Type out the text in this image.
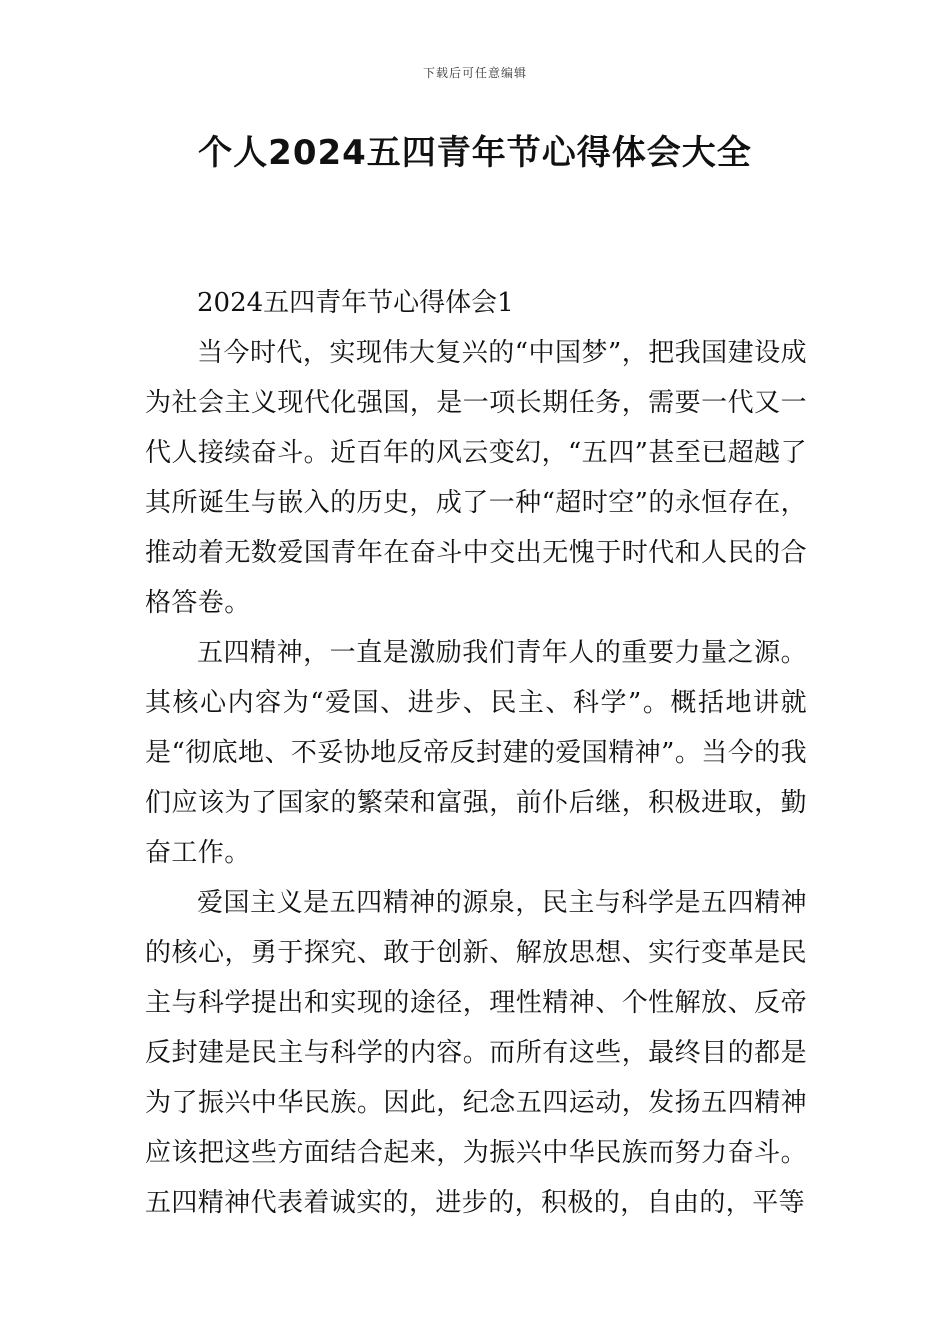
下载后可任意编辑
个人2024五四青年节心得体会大全
2024五四青年节心得体会1

当今时代，实现伟大复兴的“中国梦”，把我国建设成为社会主义现代化强国，是一项长期任务，需要一代又一代人接续奋斗。近百年的风云变幻，“五四”甚至已超越了其所诞生与嵌入的历史，成了一种“超时空”的永恒存在，推动着无数爱国青年在奋斗中交出无愧于时代和人民的合格答卷。

五四精神，一直是激励我们青年人的重要力量之源。其核心内容为“爱国、进步、民主、科学”。概括地讲就是“彻底地、不妥协地反帝反封建的爱国精神”。当今的我们应该为了国家的繁荣和富强，前仆后继，积极进取，勤奋工作。

爱国主义是五四精神的源泉，民主与科学是五四精神的核心，勇于探究、敢于创新、解放思想、实行变革是民主与科学提出和实现的途径，理性精神、个性解放、反帝反封建是民主与科学的内容。而所有这些，最终目的都是为了振兴中华民族。因此，纪念五四运动，发扬五四精神应该把这些方面结合起来，为振兴中华民族而努力奋斗。五四精神代表着诚实的，进步的，积极的，自由的，平等
